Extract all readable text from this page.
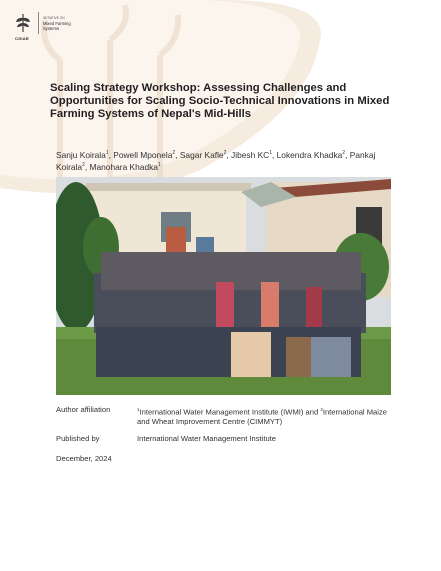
CGIAR
INITIATIVE ON
Mixed Farming
Systems
Scaling Strategy Workshop: Assessing Challenges and Opportunities for Scaling Socio-Technical Innovations in Mixed Farming Systems of Nepal's Mid-Hills
Sanju Koirala$^1$, Powell Mponela$^2$, Sagar Kafle$^2$, Jibesh $KC^1$, Lokendra Khadka$^2$, Pankaj Koirala$^2$, Manohara Khadka$^1$
Author affiliation	$^1$International Water Management Institute (IWMI) and $^2$International Maize and Wheat Improvement Centre (CIMMYT)
Published by	International Water Management Institute
December, 2024
